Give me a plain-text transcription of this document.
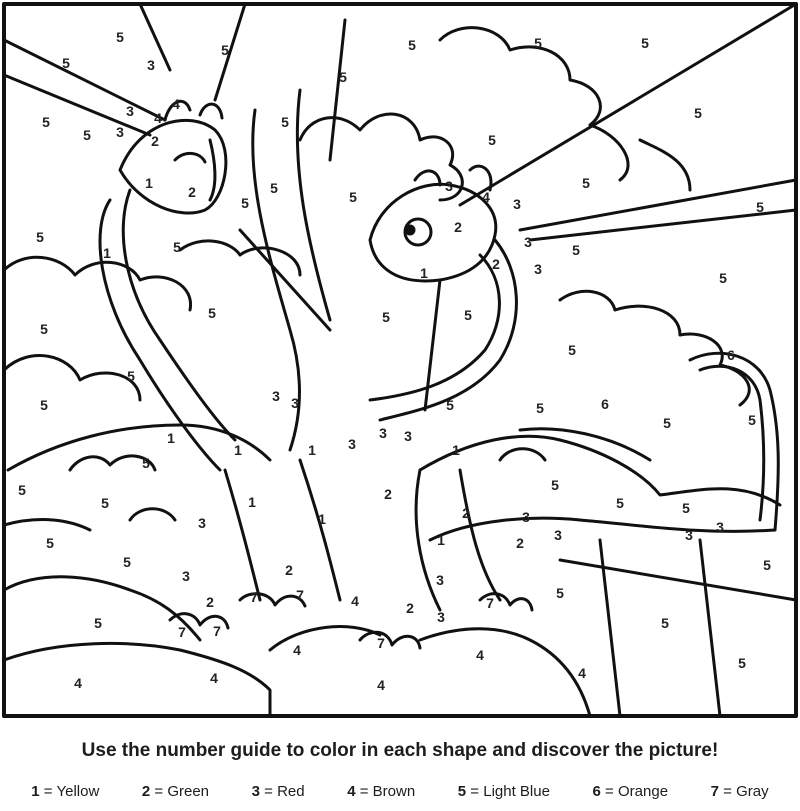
5
5	5	5	5
5
5
5
5
5
5
5
5
5
5
5
5	5
5
5
5	5	5
5
5
5	5	5
5	5
5
5
5
5
5
5
5
5	5
5
5
5
5
5
5
1
1
1
1
1
1
1
1
1
1
2
2
2
2
2
2
2
2
2	2
3
3
3
3
3
3
3
3 3
3 3
3
3
3	3 3
3
3
3
3
4
4
4
4
4	4
4
4	4
4
6
6
7 7
7	7
7
7
Use the number guide to color in each shape and discover the picture!
1 = Yellow	2 = Green	3 = Red	4 = Brown	5 = Light Blue	6 = Orange	7 = Gray
